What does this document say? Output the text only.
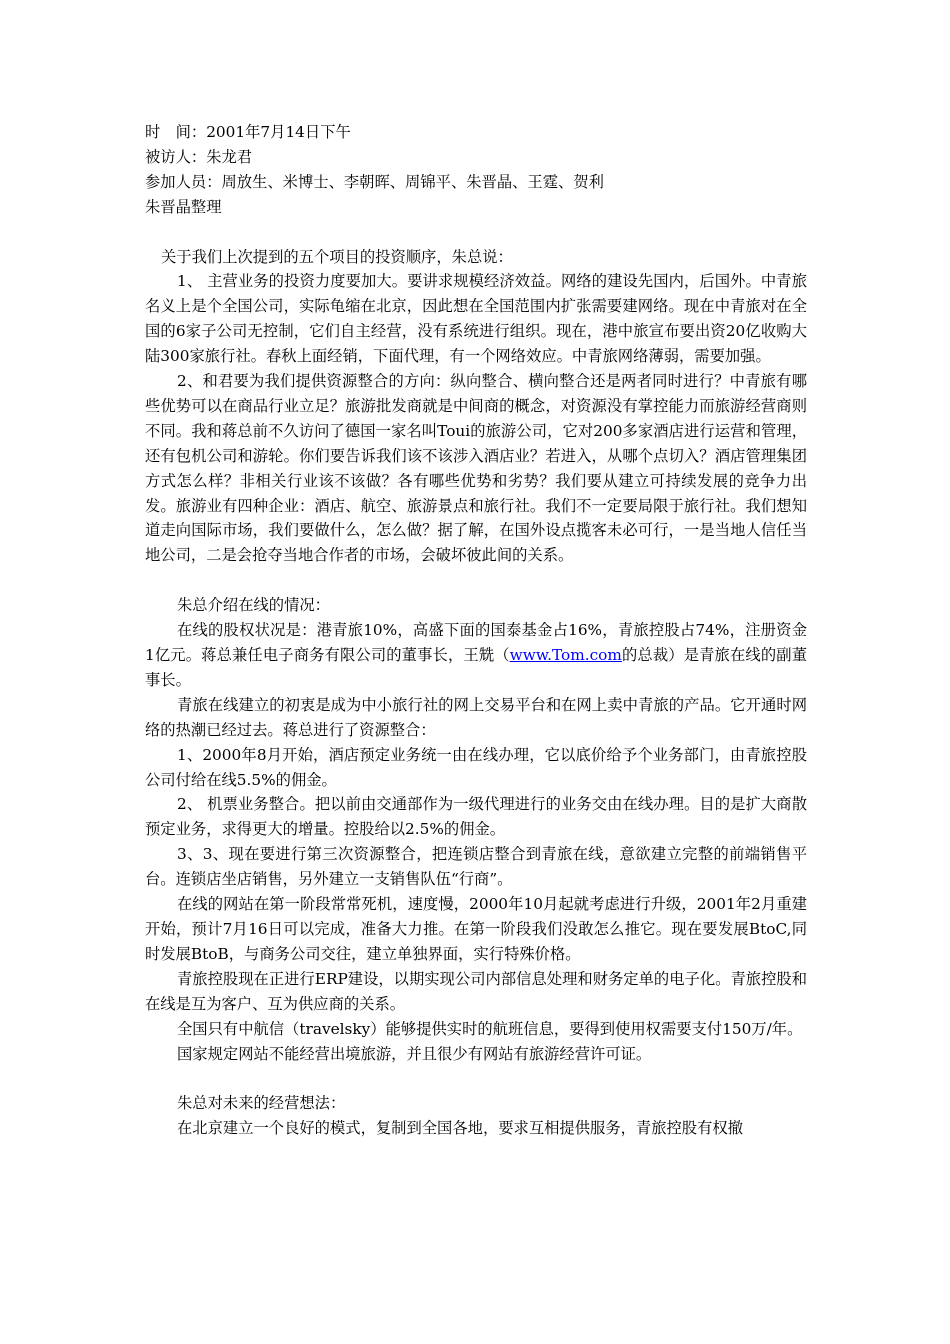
时　间：2001年7月14日下午

被访人：朱龙君

参加人员：周放生、米博士、李朝晖、周锦平、朱晋晶、王霆、贺利

朱晋晶整理

关于我们上次提到的五个项目的投资顺序，朱总说：

1、 主营业务的投资力度要加大。要讲求规模经济效益。网络的建设先国内，后国外。中青旅名义上是个全国公司，实际龟缩在北京，因此想在全国范围内扩张需要建网络。现在中青旅对在全国的6家子公司无控制，它们自主经营，没有系统进行组织。现在，港中旅宣布要出资20亿收购大陆300家旅行社。春秋上面经销，下面代理，有一个网络效应。中青旅网络薄弱，需要加强。

2、和君要为我们提供资源整合的方向：纵向整合、横向整合还是两者同时进行？中青旅有哪些优势可以在商品行业立足？旅游批发商就是中间商的概念，对资源没有掌控能力而旅游经营商则不同。我和蒋总前不久访问了德国一家名叫Toui的旅游公司，它对200多家酒店进行运营和管理，还有包机公司和游轮。你们要告诉我们该不该涉入酒店业？若进入，从哪个点切入？酒店管理集团方式怎么样？非相关行业该不该做？各有哪些优势和劣势？我们要从建立可持续发展的竞争力出发。旅游业有四种企业：酒店、航空、旅游景点和旅行社。我们不一定要局限于旅行社。我们想知道走向国际市场，我们要做什么，怎么做？据了解，在国外设点揽客未必可行，一是当地人信任当地公司，二是会抢夺当地合作者的市场，会破坏彼此间的关系。

朱总介绍在线的情况：

在线的股权状况是：港青旅10%，高盛下面的国泰基金占16%，青旅控股占74%，注册资金1亿元。蒋总兼任电子商务有限公司的董事长，王兟（www.Tom.com的总裁）是青旅在线的副董事长。

青旅在线建立的初衷是成为中小旅行社的网上交易平台和在网上卖中青旅的产品。它开通时网络的热潮已经过去。蒋总进行了资源整合：

1、2000年8月开始，酒店预定业务统一由在线办理，它以底价给予个业务部门，由青旅控股公司付给在线5.5%的佣金。

2、 机票业务整合。把以前由交通部作为一级代理进行的业务交由在线办理。目的是扩大商散预定业务，求得更大的增量。控股给以2.5%的佣金。

3、3、现在要进行第三次资源整合，把连锁店整合到青旅在线，意欲建立完整的前端销售平台。连锁店坐店销售，另外建立一支销售队伍“行商”。

在线的网站在第一阶段常常死机，速度慢，2000年10月起就考虑进行升级，2001年2月重建开始，预计7月16日可以完成，准备大力推。在第一阶段我们没敢怎么推它。现在要发展BtoC,同时发展BtoB，与商务公司交往，建立单独界面，实行特殊价格。

青旅控股现在正进行ERP建设，以期实现公司内部信息处理和财务定单的电子化。青旅控股和在线是互为客户、互为供应商的关系。

全国只有中航信（travelsky）能够提供实时的航班信息，要得到使用权需要支付150万/年。

国家规定网站不能经营出境旅游，并且很少有网站有旅游经营许可证。

朱总对未来的经营想法：

在北京建立一个良好的模式，复制到全国各地，要求互相提供服务，青旅控股有权撤
